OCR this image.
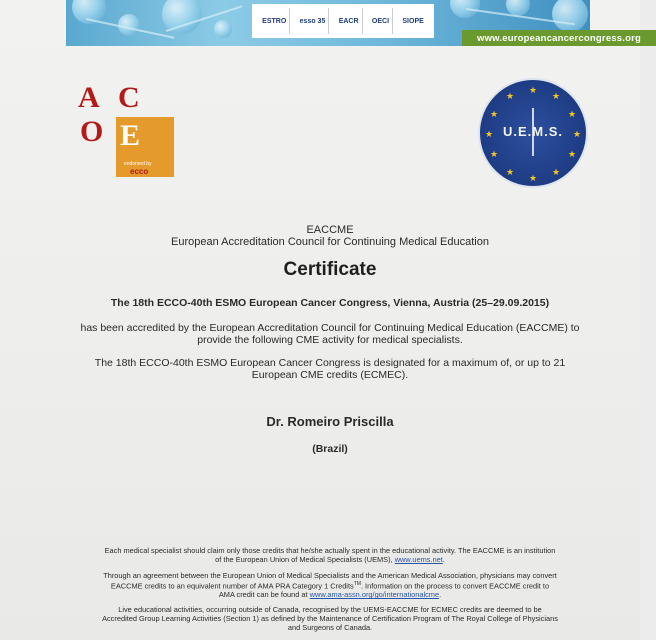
ESTRO	esso 35	EACR	OECI	SIOPE
www.europeancancercongress.org
A C
O E
endorsed by
ecco
★
★
★
★
★
★
★
★
★
★
★
★
U.E.M.S.
EACCME
European Accreditation Council for Continuing Medical Education
Certificate
The 18th ECCO-40th ESMO European Cancer Congress, Vienna, Austria (25–29.09.2015)
has been accredited by the European Accreditation Council for Continuing Medical Education (EACCME) to
provide the following CME activity for medical specialists.
The 18th ECCO-40th ESMO European Cancer Congress is designated for a maximum of, or up to 21
European CME credits (ECMEC).
Dr. Romeiro Priscilla
(Brazil)
Each medical specialist should claim only those credits that he/she actually spent in the educational activity. The EACCME is an institution
of the European Union of Medical Specialists (UEMS), www.uems.net.
Through an agreement between the European Union of Medical Specialists and the American Medical Association, physicians may convert
EACCME credits to an equivalent number of AMA PRA Category 1 Credits™. Information on the process to convert EACCME credit to
AMA credit can be found at www.ama-assn.org/go/internationalcme.
Live educational activities, occurring outside of Canada, recognised by the UEMS-EACCME for ECMEC credits are deemed to be
Accredited Group Learning Activities (Section 1) as defined by the Maintenance of Certification Program of The Royal College of Physicians
and Surgeons of Canada.
